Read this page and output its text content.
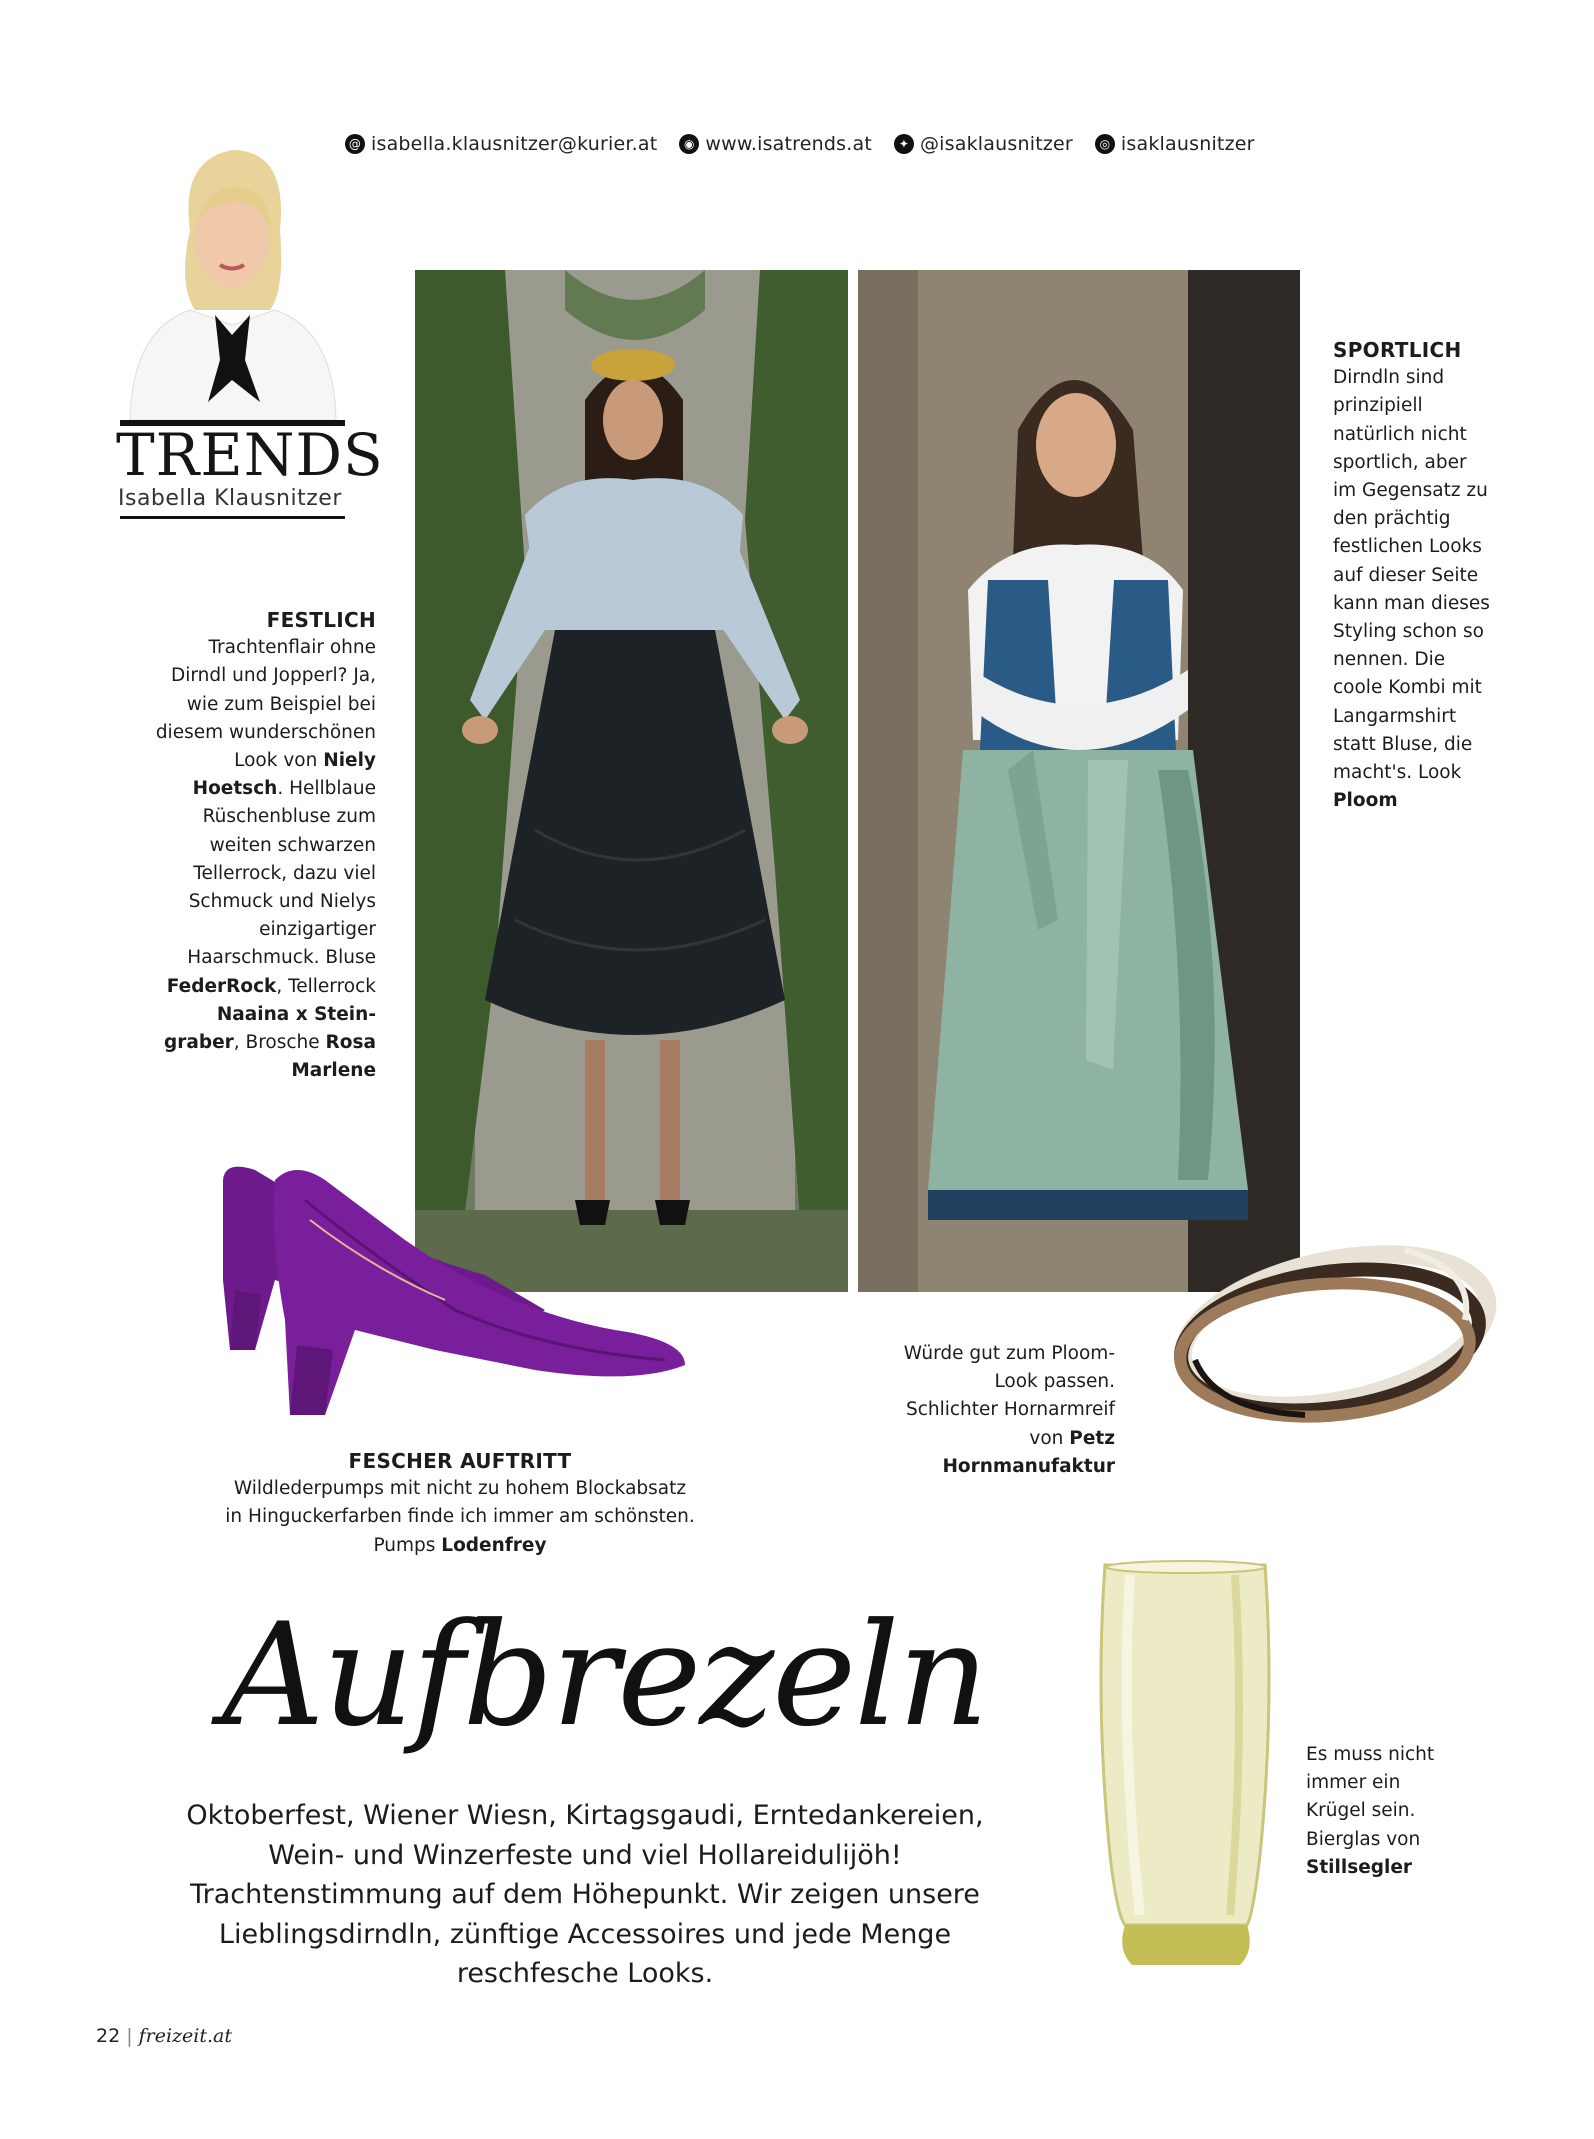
@ isabella.klausnitzer@kurier.at	◉ www.isatrends.at	✦ @isaklausnitzer	◎ isaklausnitzer
TRENDS
Isabella Klausnitzer
FESTLICH
Trachtenflair ohne Dirndl und Jopperl? Ja, wie zum Beispiel bei diesem wunderschönen Look von Niely Hoetsch. Hellblaue Rüschenbluse zum weiten schwarzen Tellerrock, dazu viel Schmuck und Nielys einzigartiger Haarschmuck. Bluse FederRock, Tellerrock Naaina x Steingraber, Brosche Rosa Marlene
SPORTLICH
Dirndln sind prinzipiell natürlich nicht sportlich, aber im Gegensatz zu den prächtig festlichen Looks auf dieser Seite kann man dieses Styling schon so nennen. Die coole Kombi mit Langarmshirt statt Bluse, die macht's. Look Ploom
FESCHER AUFTRITT
Wildlederpumps mit nicht zu hohem Blockabsatz
in Hinguckerfarben finde ich immer am schönsten.
Pumps Lodenfrey
Würde gut zum Ploom-Look passen. Schlichter Hornarmreif von Petz Hornmanufaktur
Aufbrezeln
Oktoberfest, Wiener Wiesn, Kirtagsgaudi, Erntedankereien, Wein- und Winzerfeste und viel Hollareidulijöh! Trachtenstimmung auf dem Höhepunkt. Wir zeigen unsere Lieblingsdirndln, zünftige Accessoires und jede Menge reschfesche Looks.
Es muss nicht immer ein Krügel sein. Bierglas von Stillsegler
22 | freizeit.at
